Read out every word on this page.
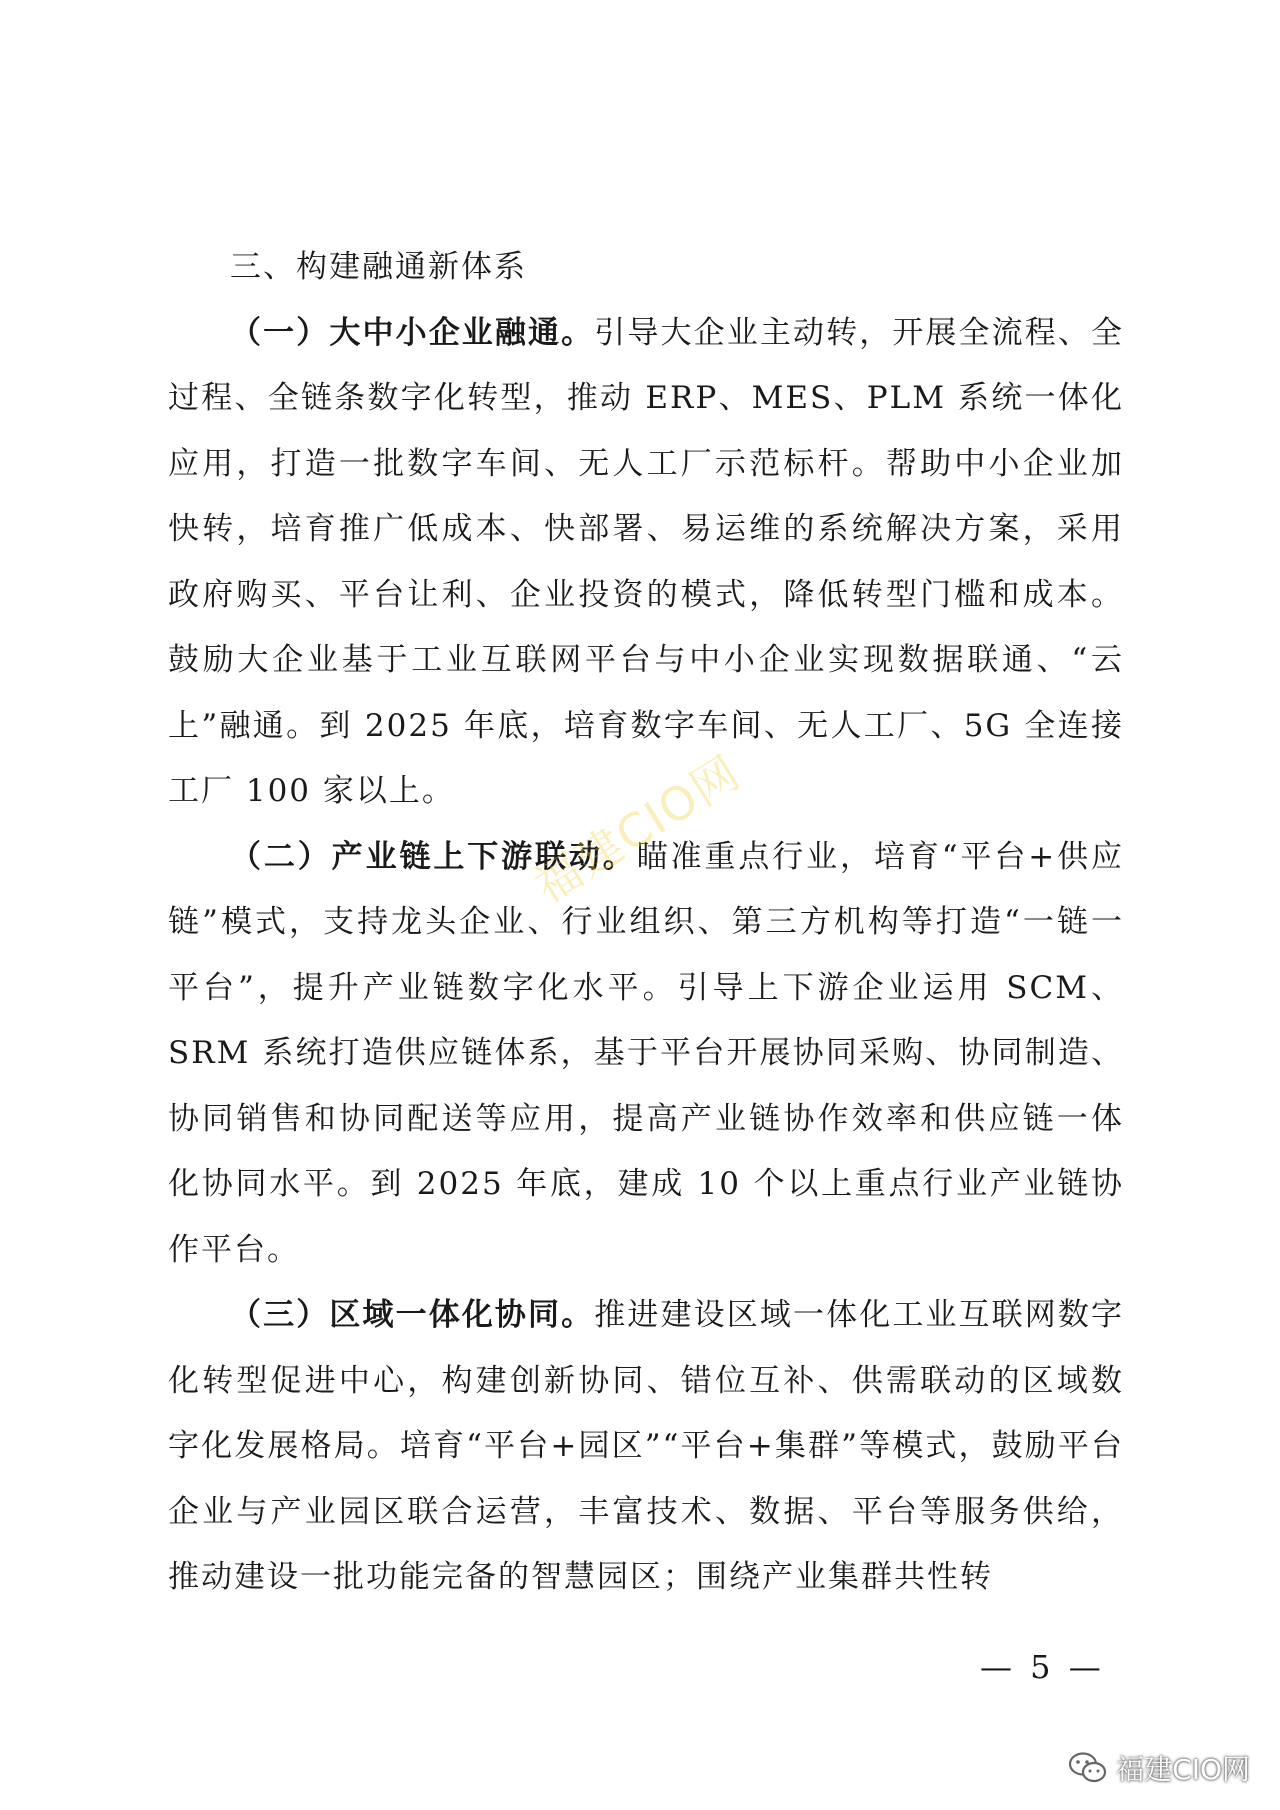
三、构建融通新体系

（一）大中小企业融通。引导大企业主动转，开展全流程、全过程、全链条数字化转型，推动 ERP、MES、PLM 系统一体化应用，打造一批数字车间、无人工厂示范标杆。帮助中小企业加快转，培育推广低成本、快部署、易运维的系统解决方案，采用政府购买、平台让利、企业投资的模式，降低转型门槛和成本。鼓励大企业基于工业互联网平台与中小企业实现数据联通、“云上”融通。到 2025 年底，培育数字车间、无人工厂、5G 全连接工厂 100 家以上。

（二）产业链上下游联动。瞄准重点行业，培育“平台+供应链”模式，支持龙头企业、行业组织、第三方机构等打造“一链一平台”，提升产业链数字化水平。引导上下游企业运用 SCM、SRM 系统打造供应链体系，基于平台开展协同采购、协同制造、协同销售和协同配送等应用，提高产业链协作效率和供应链一体化协同水平。到 2025 年底，建成 10 个以上重点行业产业链协作平台。

（三）区域一体化协同。推进建设区域一体化工业互联网数字化转型促进中心，构建创新协同、错位互补、供需联动的区域数字化发展格局。培育“平台+园区”“平台+集群”等模式，鼓励平台企业与产业园区联合运营，丰富技术、数据、平台等服务供给，推动建设一批功能完备的智慧园区；围绕产业集群共性转

福建CIO网
— 5 —
福建CIO网
